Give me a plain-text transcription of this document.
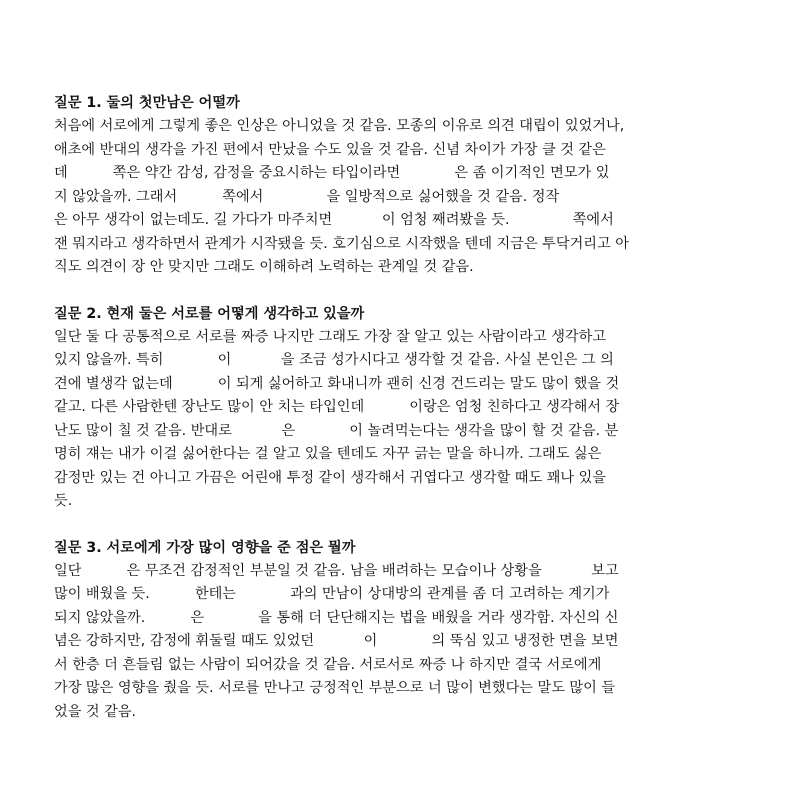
질문 1. 둘의 첫만남은 어떨까
처음에 서로에게 그렇게 좋은 인상은 아니었을 것 같음. 모종의 이유로 의견 대립이 있었거나,
애초에 반대의 생각을 가진 편에서 만났을 수도 있을 것 같음. 신념 차이가 가장 클 것 같은
데          쪽은 약간 감성, 감정을 중요시하는 타입이라면            은 좀 이기적인 면모가 있
지 않았을까. 그래서          쪽에서              을 일방적으로 싫어했을 것 같음. 정작
은 아무 생각이 없는데도. 길 가다가 마주치면           이 엄청 째려봤을 듯.              쪽에서
잰 뭐지라고 생각하면서 관계가 시작됐을 듯. 호기심으로 시작했을 텐데 지금은 투닥거리고 아
직도 의견이 장 안 맞지만 그래도 이해하려 노력하는 관계일 것 같음.
질문 2. 현재 둘은 서로를 어떻게 생각하고 있을까
일단 둘 다 공통적으로 서로를 짜증 나지만 그래도 가장 잘 알고 있는 사람이라고 생각하고
있지 않을까. 특히            이           을 조금 성가시다고 생각할 것 같음. 사실 본인은 그 의
견에 별생각 없는데          이 되게 싫어하고 화내니까 괜히 신경 건드리는 말도 많이 했을 것
같고. 다른 사람한텐 장난도 많이 안 치는 타입인데          이랑은 엄청 친하다고 생각해서 장
난도 많이 칠 것 같음. 반대로           은            이 놀려먹는다는 생각을 많이 할 것 같음. 분
명히 쟤는 내가 이걸 싫어한다는 걸 알고 있을 텐데도 자꾸 긁는 말을 하니까. 그래도 싫은
감정만 있는 건 아니고 가끔은 어린애 투정 같이 생각해서 귀엽다고 생각할 때도 꽤나 있을
듯.
질문 3. 서로에게 가장 많이 영향을 준 점은 뭘까
일단          은 무조건 감정적인 부분일 것 같음. 남을 배려하는 모습이나 상황을           보고
많이 배웠을 듯.          한테는            과의 만남이 상대방의 관계를 좀 더 고려하는 계기가
되지 않았을까.          은            을 통해 더 단단해지는 법을 배웠을 거라 생각함. 자신의 신
념은 강하지만, 감정에 휘둘릴 때도 있었던           이            의 뚝심 있고 냉정한 면을 보면
서 한층 더 흔들림 없는 사람이 되어갔을 것 같음. 서로서로 짜증 나 하지만 결국 서로에게
가장 많은 영향을 줬을 듯. 서로를 만나고 긍정적인 부분으로 너 많이 변했다는 말도 많이 들
었을 것 같음.
